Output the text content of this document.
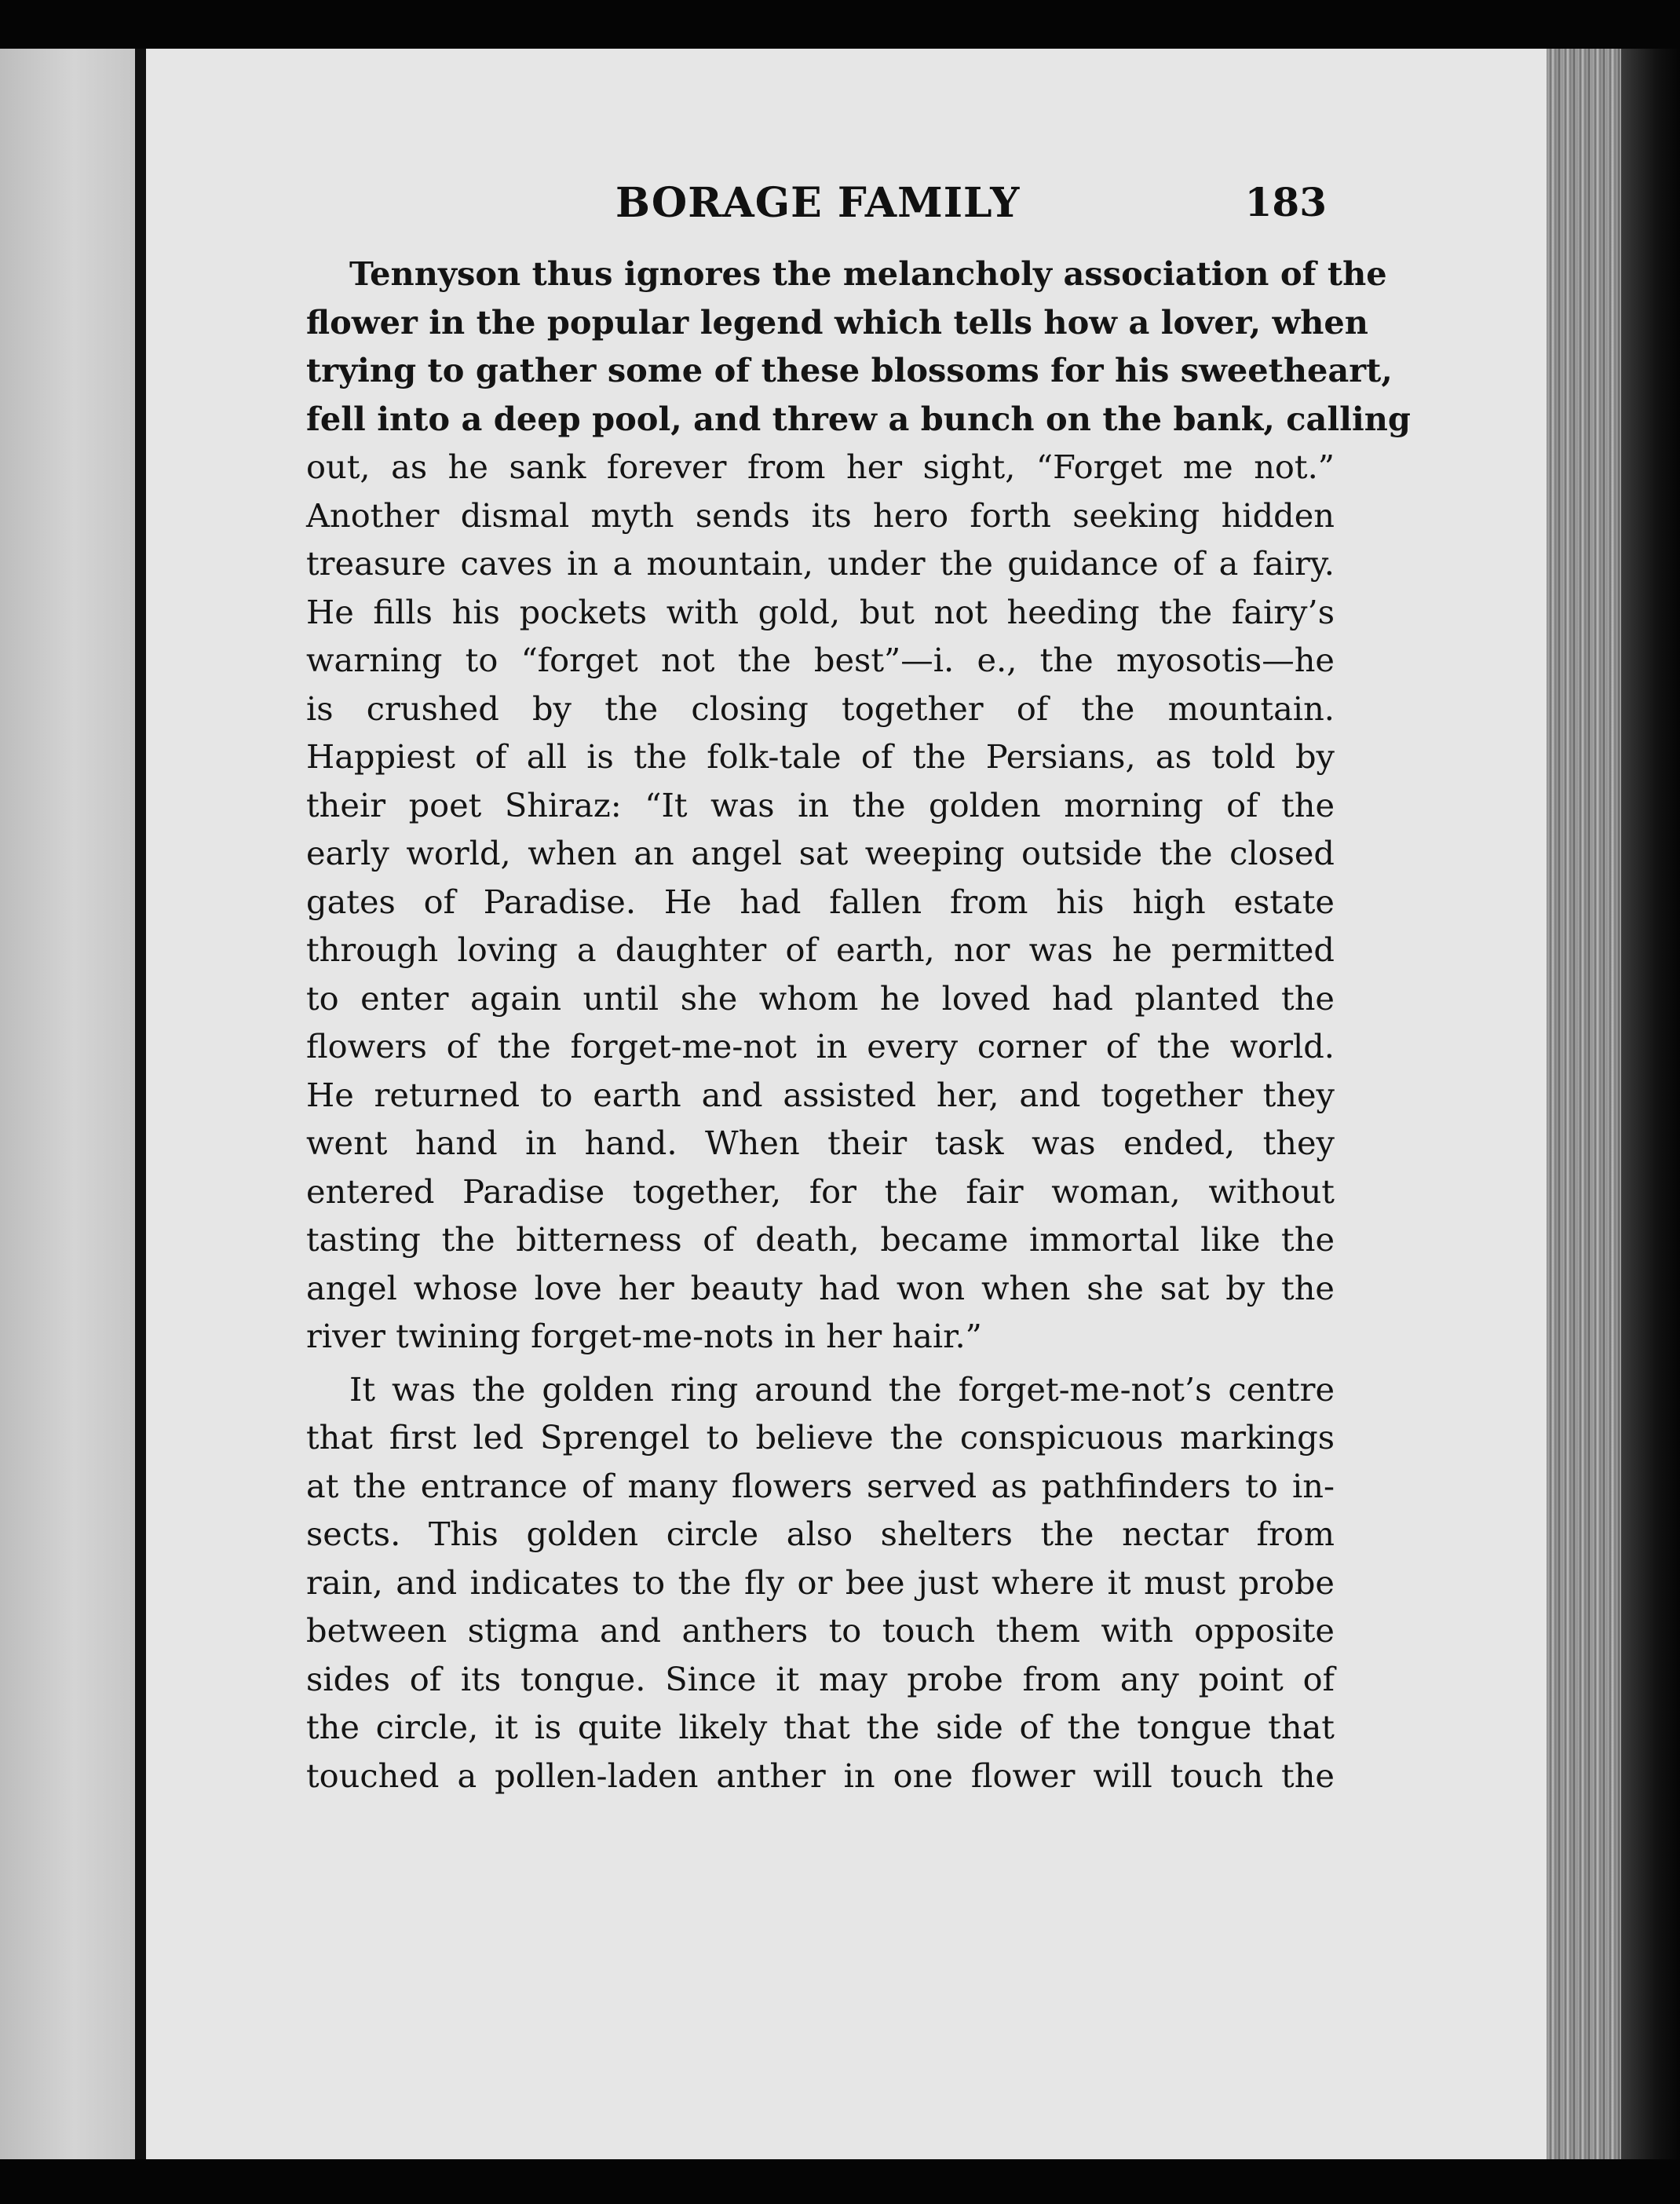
BORAGE FAMILY	183
Tennyson thus ignores the melancholy association of the
flower in the popular legend which tells how a lover, when
trying to gather some of these blossoms for his sweetheart,
fell into a deep pool, and threw a bunch on the bank, calling
out, as he sank forever from her sight, “Forget me not.”
Another dismal myth sends its hero forth seeking hidden
treasure caves in a mountain, under the guidance of a fairy.
He fills his pockets with gold, but not heeding the fairy’s
warning to “forget not the best”—i. e., the myosotis—he
is crushed by the closing together of the mountain.
Happiest of all is the folk-tale of the Persians, as told by
their poet Shiraz: “It was in the golden morning of the
early world, when an angel sat weeping outside the closed
gates of Paradise. He had fallen from his high estate
through loving a daughter of earth, nor was he permitted
to enter again until she whom he loved had planted the
flowers of the forget-me-not in every corner of the world.
He returned to earth and assisted her, and together they
went hand in hand. When their task was ended, they
entered Paradise together, for the fair woman, without
tasting the bitterness of death, became immortal like the
angel whose love her beauty had won when she sat by the
river twining forget-me-nots in her hair.”
It was the golden ring around the forget-me-not’s centre
that first led Sprengel to believe the conspicuous markings
at the entrance of many flowers served as pathfinders to in-
sects. This golden circle also shelters the nectar from
rain, and indicates to the fly or bee just where it must probe
between stigma and anthers to touch them with opposite
sides of its tongue. Since it may probe from any point of
the circle, it is quite likely that the side of the tongue that
touched a pollen-laden anther in one flower will touch the
